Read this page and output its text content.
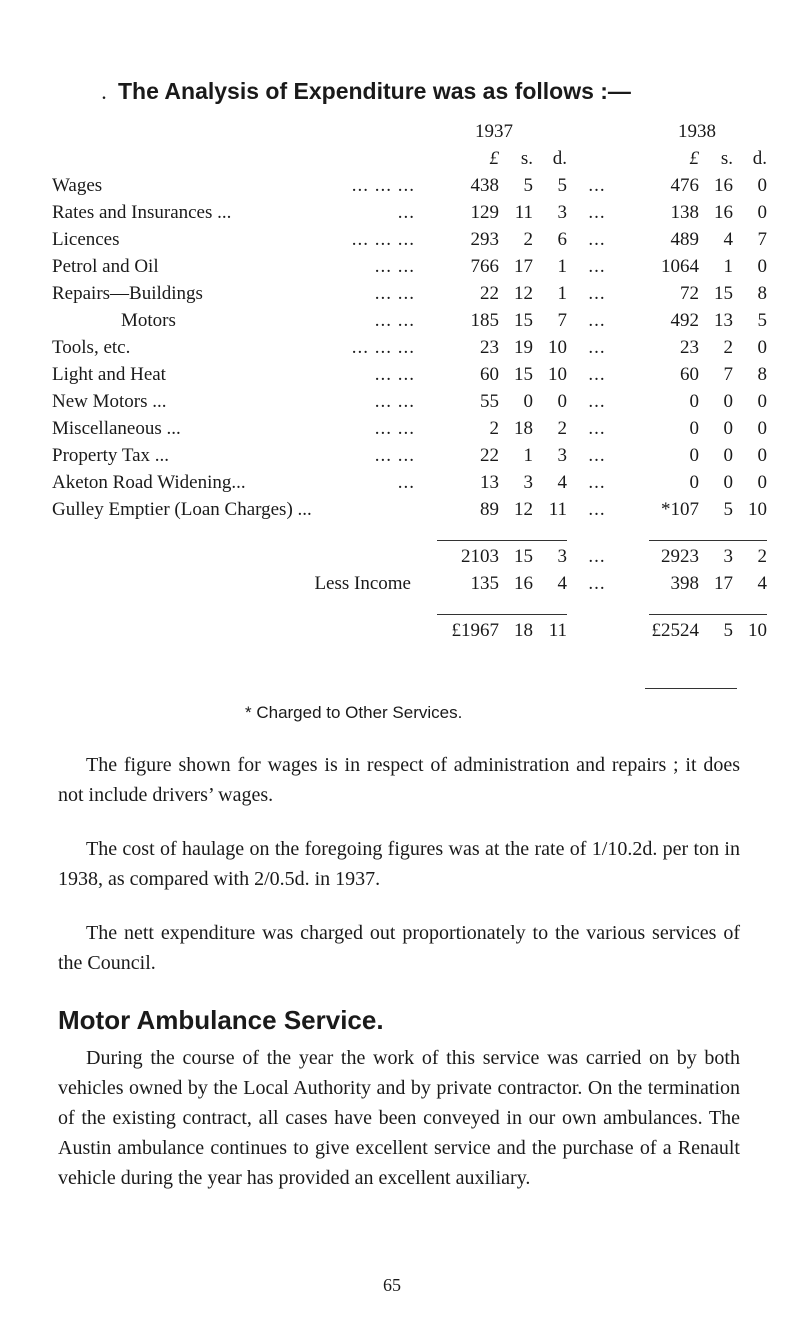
. The Analysis of Expenditure was as follows :—
	1937				1938		
	£	s.	d.		£	s.	d.
Wages ... ... ...	438	5	5	...	476	16	0
Rates and Insurances ... ...	129	11	3	...	138	16	0
Licences ... ... ...	293	2	6	...	489	4	7
Petrol and Oil ... ...	766	17	1	...	1064	1	0
Repairs—Buildings ... ...	22	12	1	...	72	15	8
Motors ... ...	185	15	7	...	492	13	5
Tools, etc. ... ... ...	23	19	10	...	23	2	0
Light and Heat ... ...	60	15	10	...	60	7	8
New Motors ... ... ...	55	0	0	...	0	0	0
Miscellaneous ... ... ...	2	18	2	...	0	0	0
Property Tax ... ... ...	22	1	3	...	0	0	0
Aketon Road Widening... ...	13	3	4	...	0	0	0
Gulley Emptier (Loan Charges) ...	89	12	11	...	*107	5	10

	2103	15	3	...	2923	3	2
Less Income	135	16	4	...	398	17	4

	£1967	18	11		£2524	5	10
* Charged to Other Services.
The figure shown for wages is in respect of administration and repairs ; it does not include drivers’ wages.
The cost of haulage on the foregoing figures was at the rate of 1/10.2d. per ton in 1938, as compared with 2/0.5d. in 1937.
The nett expenditure was charged out proportionately to the various services of the Council.
Motor Ambulance Service.
During the course of the year the work of this service was carried on by both vehicles owned by the Local Authority and by private contractor. On the termination of the existing contract, all cases have been conveyed in our own ambulances. The Austin ambulance continues to give excellent service and the purchase of a Renault vehicle during the year has provided an excellent auxiliary.
65
